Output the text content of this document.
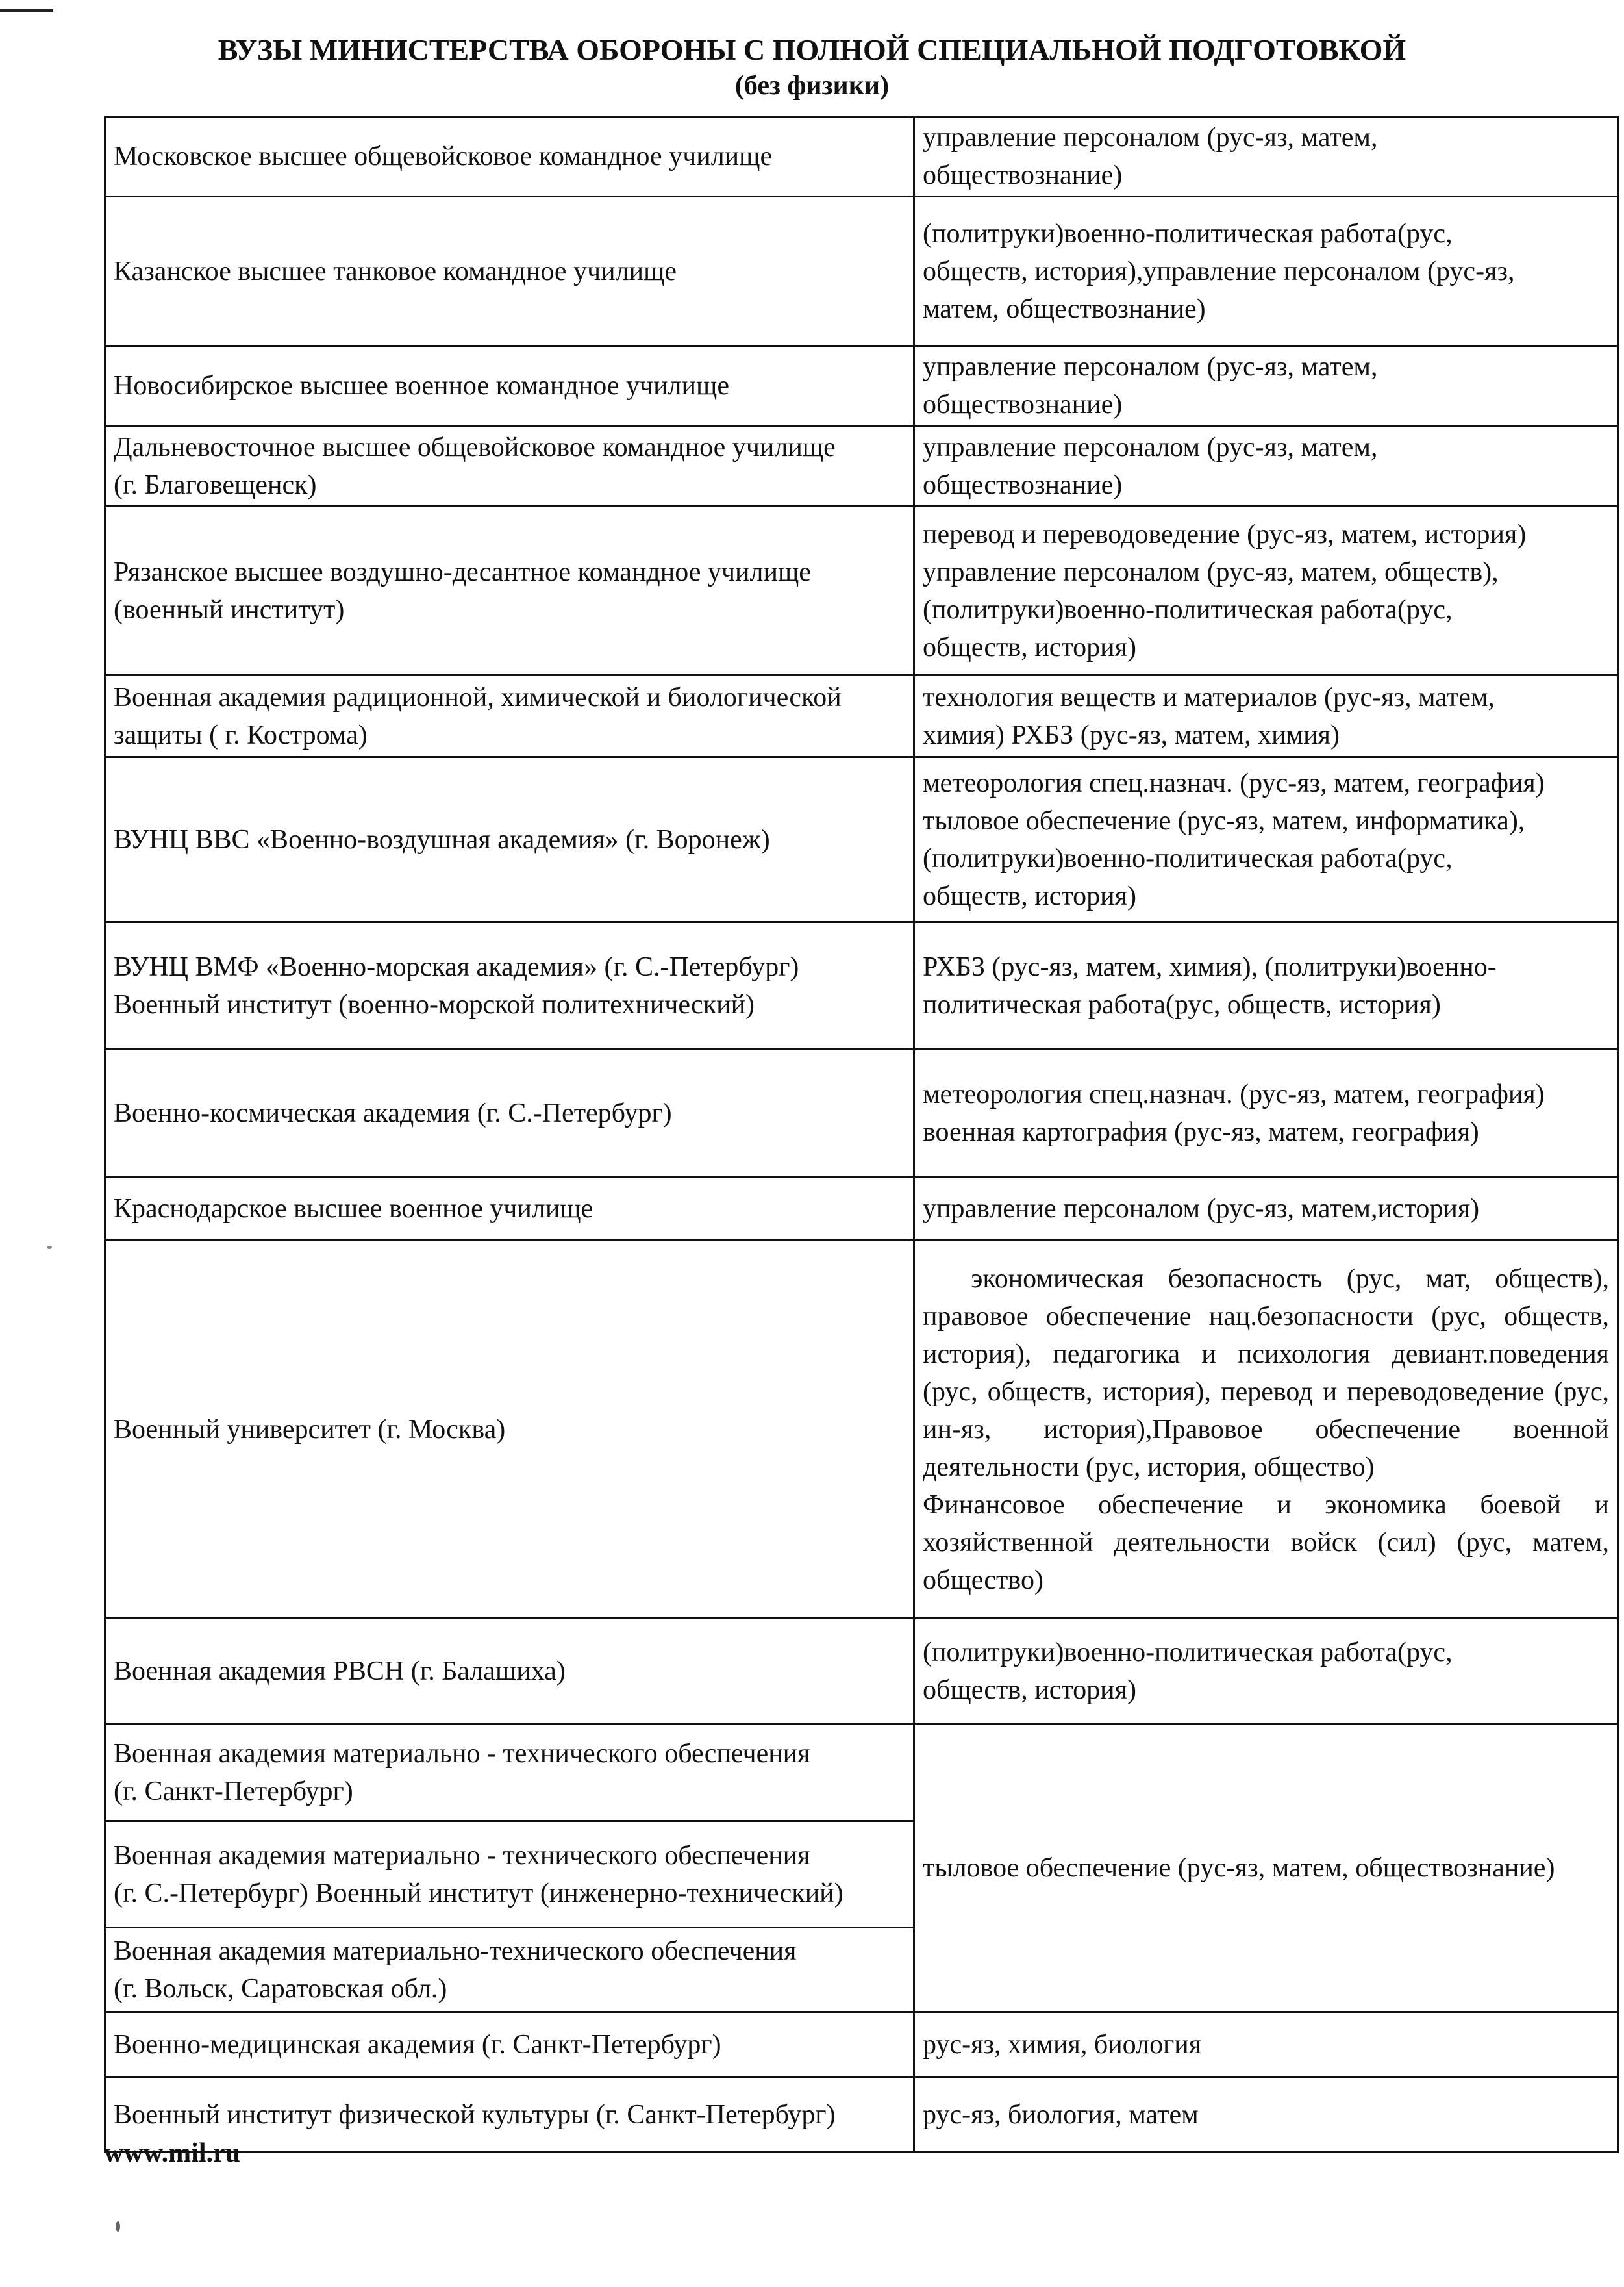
ВУЗЫ МИНИСТЕРСТВА ОБОРОНЫ С ПОЛНОЙ СПЕЦИАЛЬНОЙ ПОДГОТОВКОЙ
(без физики)
Московское высшее общевойсковое командное училище	управление персоналом (рус-яз, матем,
обществознание)

Казанское высшее танковое командное училище	(политруки)военно-политическая работа(рус,
обществ, история),управление персоналом (рус-яз,
матем, обществознание)

Новосибирское высшее военное командное училище	управление персоналом (рус-яз, матем,
обществознание)

Дальневосточное высшее общевойсковое командное училище
(г. Благовещенск)	управление персоналом (рус-яз, матем,
обществознание)

Рязанское высшее воздушно-десантное командное училище
(военный институт)	перевод и переводоведение (рус-яз, матем, история)
управление персоналом (рус-яз, матем, обществ),
(политруки)военно-политическая работа(рус,
обществ, история)

Военная академия радиционной, химической и биологической
защиты ( г. Кострома)	технология веществ и материалов (рус-яз, матем,
химия) РХБЗ (рус-яз, матем, химия)

ВУНЦ ВВС «Военно-воздушная академия» (г. Воронеж)	метеорология спец.назнач. (рус-яз, матем, география)
тыловое обеспечение (рус-яз, матем, информатика),
(политруки)военно-политическая работа(рус,
обществ, история)

ВУНЦ ВМФ «Военно-морская академия» (г. С.-Петербург)
Военный институт (военно-морской политехнический)	РХБЗ (рус-яз, матем, химия), (политруки)военно-
политическая работа(рус, обществ, история)

Военно-космическая академия (г. С.-Петербург)	метеорология спец.назнач. (рус-яз, матем, география)
военная картография (рус-яз, матем, география)

Краснодарское высшее военное училище	управление персоналом (рус-яз, матем,история)

Военный университет (г. Москва)	экономическая безопасность (рус, мат, обществ), правовое обеспечение нац.безопасности (рус, обществ, история), педагогика и психология девиант.поведения (рус, обществ, история), перевод и переводоведение (рус, ин-яз, история),Правовое обеспечение военной деятельности (рус, история, общество)
Финансовое обеспечение и экономика боевой и хозяйственной деятельности войск (сил) (рус, матем, общество)

Военная академия РВСН (г. Балашиха)	(политруки)военно-политическая работа(рус,
обществ, история)

Военная академия материально - технического обеспечения
(г. Санкт-Петербург)	тыловое обеспечение (рус-яз, матем, обществознание)

Военная академия материально - технического обеспечения
(г. С.-Петербург) Военный институт (инженерно-технический)	

Военная академия материально-технического обеспечения
(г. Вольск, Саратовская обл.)	

Военно-медицинская академия (г. Санкт-Петербург)	рус-яз, химия, биология

Военный институт физической культуры (г. Санкт-Петербург)	рус-яз, биология, матем
www.mil.ru
